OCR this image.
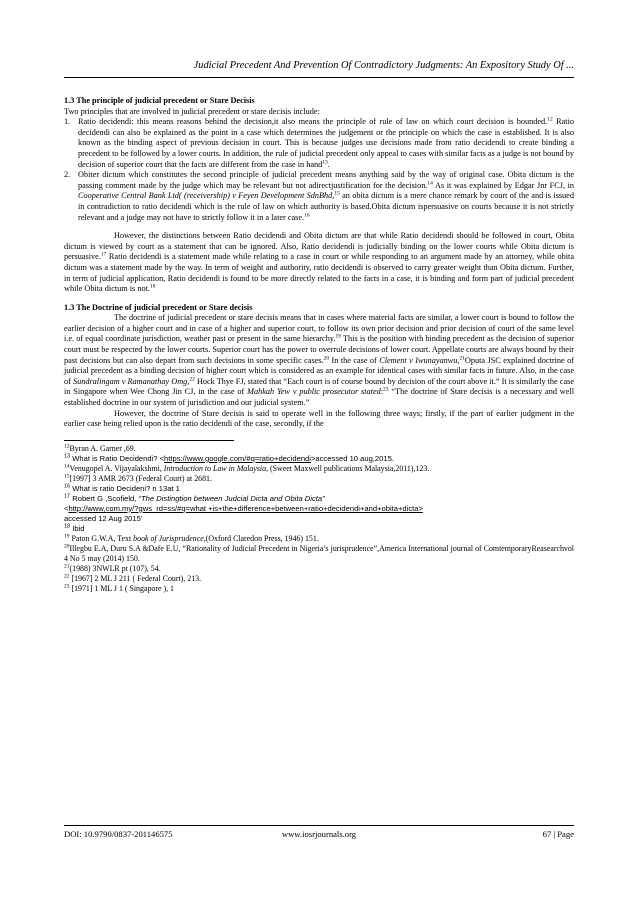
Judicial Precedent And Prevention Of Contradictory Judgments: An Expository Study Of ...
1.3 The principle of judicial precedent or Stare Decisis

Two principles that are involved in judicial precedent or stare decisis include:

1. Ratio decidendi: this means reasons behind the decision,it also means the principle of rule of law on which court decision is bounded.$^{12}$ Ratio decidendi can also be explained as the point in a case which determines the judgement or the principle on which the case is established. It is also known as the binding aspect of previous decision in court. This is because judges use decisions made from ratio decidendi to create binding a precedent to be followed by a lower courts. In addition, the rule of judicial precedent only appeal to cases with similar facts as a judge is not bound by decision of superior court that the facts are different from the case in hand$^{13}$.
2. Obiter dictum which constitutes the second principle of judicial precedent means anything said by the way of original case. Obita dictum is the passing comment made by the judge which may be relevant but not adirectjustification for the decision.$^{14}$ As it was explained by Edgar Jnr FCJ, in Cooperative Central Bank Ltd( (receivership) v Feyen Development SdnBhd,$^{15}$ an obita dictum is a mere chance remark by court of the and is issued in contradiction to ratio decidendi which is the rule of law on which authority is based.Obita dictum ispersuasive on courts because it is not strictly relevant and a judge may not have to strictly follow it in a later case.$^{16}$

However, the distinctions between Ratio decidendi and Obita dictum are that while Ratio decidendi should be followed in court, Obita dictum is viewed by court as a statement that can be ignored. Also, Ratio decidendi is judicially binding on the lower courts while Obita dictum is persuasive.$^{17}$ Ratio decidendi is a statement made while relating to a case in court or while responding to an argument made by an attorney, while obita dictum was a statement made by the way. In term of weight and authority, ratio decidendi is observed to carry greater weight than Obita dictum. Further, in term of judicial application, Ratio decidendi is found to be more directly related to the facts in a case, it is binding and form part of judicial precedent while Obita dictum is not.$^{18}$

1.3 The Doctrine of judicial precedent or Stare decisis

The doctrine of judicial precedent or stare decisis means that in cases where material facts are similar, a lower court is bound to follow the earlier decision of a higher court and in case of a higher and superior court, to follow its own prior decision and prior decision of court of the same level i.e. of equal coordinate jurisdiction, weather past or present in the same hierarchy.$^{19}$ This is the position with binding precedent as the decision of superior court must be respected by the lower courts. Superior court has the power to overrule decisions of lower court. Appellate courts are always bound by their past decisions but can also depart from such decisions in some specific cases.$^{20}$ In the case of Clement v Iwunayanwu,$^{21}$Oputa JSC explained doctrine of judicial precedent as a binding decision of higher court which is considered as an example for identical cases with similar facts in future. Also, in the case of Sundralingam v Ramanathay Omg,$^{22}$ Hock Thye FJ, stated that “Each court is of course bound by decision of the court above it.” It is similarly the case in Singapore when Wee Chong Jin CJ, in the case of Mahkah Yew v public prosecutor stated:$^{23}$ “The doctrine of Stare decisis is a necessary and well established doctrine in our system of jurisdiction and our judicial system.”

However, the doctrine of Stare decisis is said to operate well in the following three ways; firstly, if the part of earlier judgment in the earlier case being relied upon is the ratio decidendi of the case, secondly, if the

$^{12}$Byran A. Garner ,69.
$^{13}$ What is Ratio Decidendi? <https://www.google.com/#q=ratio+decidendi>accessed 10 aug,2015.
$^{14}$Venugopel A. Vijayalakshmi, Introduction to Law in Malaysia, (Sweet Maxwell publications Malaysia,2011),123.
$^{15}$[1997] 3 AMR 2673 (Federal Court) at 2681.
$^{16}$ What is ratio Decideni? n 13at 1
$^{17}$ Robert G ,Scofield, “The Distingtion between Judcial Dicta and Obita Dicta”
<http://www,com.my/?gws_rd=ss/#q=what +is+the+difference+between+ratio+decidendi+and+obita+dicta>
accessed 12 Aug 2015’
$^{18}$ Ibid
$^{19}$ Paton G.W.A, Text book of Jurisprudence,(Oxford Claredon Press, 1946) 151.
$^{20}$Illegbu E.A, Duru S.A &Dafe E.U, “Rationality of Judicial Precedent in Nigeria’s jurisprudence”,America International journal of ComtemporaryReasearchvol 4 No 5 may (2014) 150.
$^{21}$(1988) 3NWLR pt (107), 54.
$^{22}$ [1967] 2 ML J 211 ( Federal Court), 213.
$^{23}$ [1971] 1 ML J 1 ( Singapore ), 1
DOI: 10.9790/0837-201146575	www.iosrjournals.org	67 | Page
